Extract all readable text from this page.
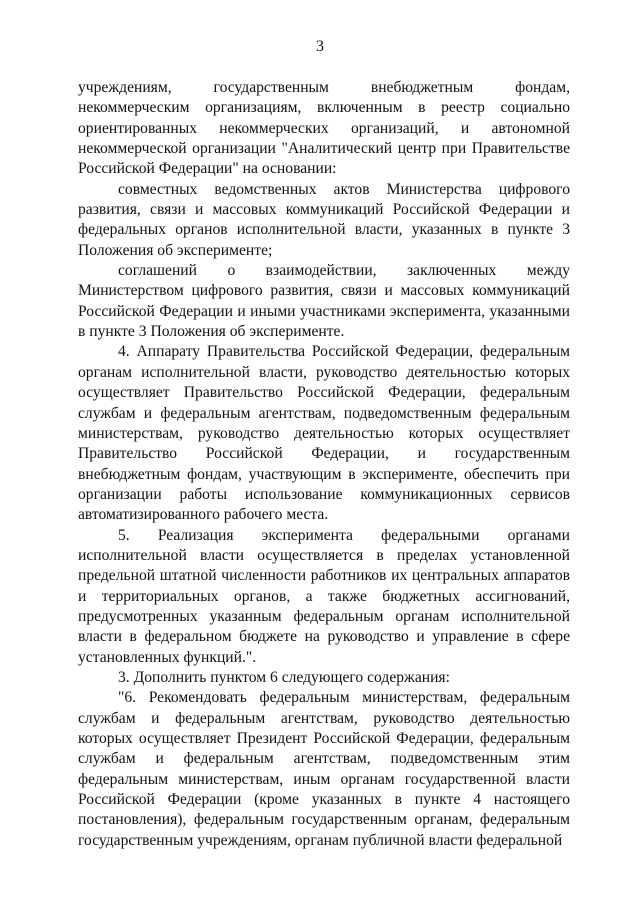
3

учреждениям, государственным внебюджетным фондам, некоммерческим организациям, включенным в реестр социально ориентированных некоммерческих организаций, и автономной некоммерческой организации "Аналитический центр при Правительстве Российской Федерации" на основании:

совместных ведомственных актов Министерства цифрового развития, связи и массовых коммуникаций Российской Федерации и федеральных органов исполнительной власти, указанных в пункте 3 Положения об эксперименте;

соглашений о взаимодействии, заключенных между Министерством цифрового развития, связи и массовых коммуникаций Российской Федерации и иными участниками эксперимента, указанными в пункте 3 Положения об эксперименте.

4. Аппарату Правительства Российской Федерации, федеральным органам исполнительной власти, руководство деятельностью которых осуществляет Правительство Российской Федерации, федеральным службам и федеральным агентствам, подведомственным федеральным министерствам, руководство деятельностью которых осуществляет Правительство Российской Федерации, и государственным внебюджетным фондам, участвующим в эксперименте, обеспечить при организации работы использование коммуникационных сервисов автоматизированного рабочего места.

5. Реализация эксперимента федеральными органами исполнительной власти осуществляется в пределах установленной предельной штатной численности работников их центральных аппаратов и территориальных органов, а также бюджетных ассигнований, предусмотренных указанным федеральным органам исполнительной власти в федеральном бюджете на руководство и управление в сфере установленных функций.".

3. Дополнить пунктом 6 следующего содержания:

"6. Рекомендовать федеральным министерствам, федеральным службам и федеральным агентствам, руководство деятельностью которых осуществляет Президент Российской Федерации, федеральным службам и федеральным агентствам, подведомственным этим федеральным министерствам, иным органам государственной власти Российской Федерации (кроме указанных в пункте 4 настоящего постановления), федеральным государственным органам, федеральным государственным учреждениям, органам публичной власти федеральной
